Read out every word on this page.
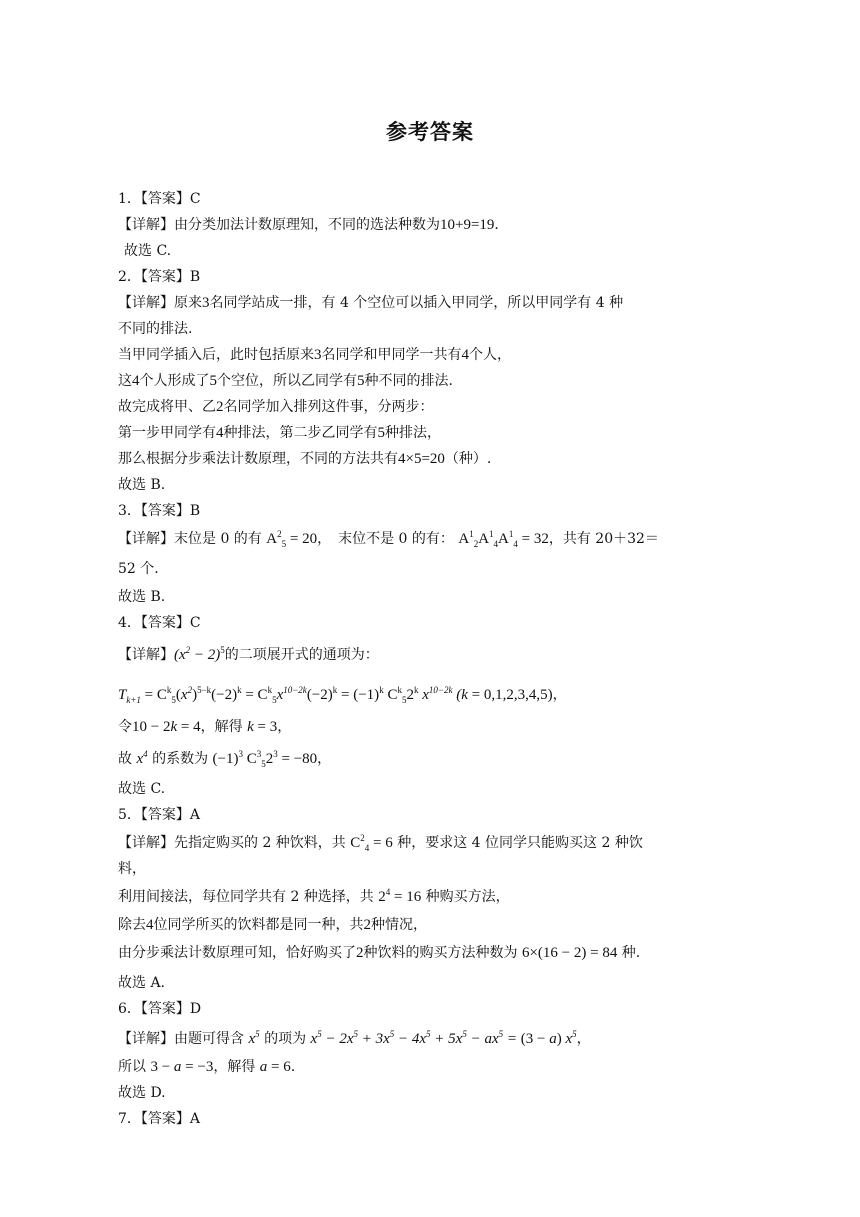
参考答案
1．【答案】C
【详解】由分类加法计数原理知，不同的选法种数为10+9=19．
故选 C.
2．【答案】B
【详解】原来3名同学站成一排，有 4 个空位可以插入甲同学，所以甲同学有 4 种
不同的排法.
当甲同学插入后，此时包括原来3名同学和甲同学一共有4个人，
这4个人形成了5个空位，所以乙同学有5种不同的排法.
故完成将甲、乙2名同学加入排列这件事，分两步：
第一步甲同学有4种排法，第二步乙同学有5种排法，
那么根据分步乘法计数原理，不同的方法共有4×5=20（种）.
故选 B.
3．【答案】B
【详解】末位是 0 的有 $A^2_5 = 20$，　末位不是 0 的有： $A^1_2A^1_4A^1_4 = 32$，共有 20＋32＝
52 个.
故选 B.
4．【答案】C
【详解】$(x^2 - 2)^5$的二项展开式的通项为：
$T_{k+1} = C^k_5(x^2)^{5-k}(-2)^k = C^k_5x^{10-2k}(-2)^k = (-1)^k$ $C^k_52^k$ $x^{10-2k}$ (k = 0,1,2,3,4,5)，
令10 − 2k = 4，解得 k = 3，
故 $x^4$ 的系数为 $(-1)^3$ $C^3_52^3 = -80$，
故选 C.
5．【答案】A
【详解】先指定购买的 2 种饮料，共 $C^2_4 = 6$ 种，要求这 4 位同学只能购买这 2 种饮
料，
利用间接法，每位同学共有 2 种选择，共 $2^4 = 16$ 种购买方法，
除去4位同学所买的饮料都是同一种，共2种情况，
由分步乘法计数原理可知，恰好购买了2种饮料的购买方法种数为 6×(16 − 2) = 84 种.
故选 A.
6．【答案】D
【详解】由题可得含 $x^5$ 的项为 $x^5 - 2x^5 + 3x^5 - 4x^5 + 5x^5 - ax^5 = (3 - a)$ $x^5$，
所以 3 − a = −3，解得 a = 6.
故选 D.
7．【答案】A
